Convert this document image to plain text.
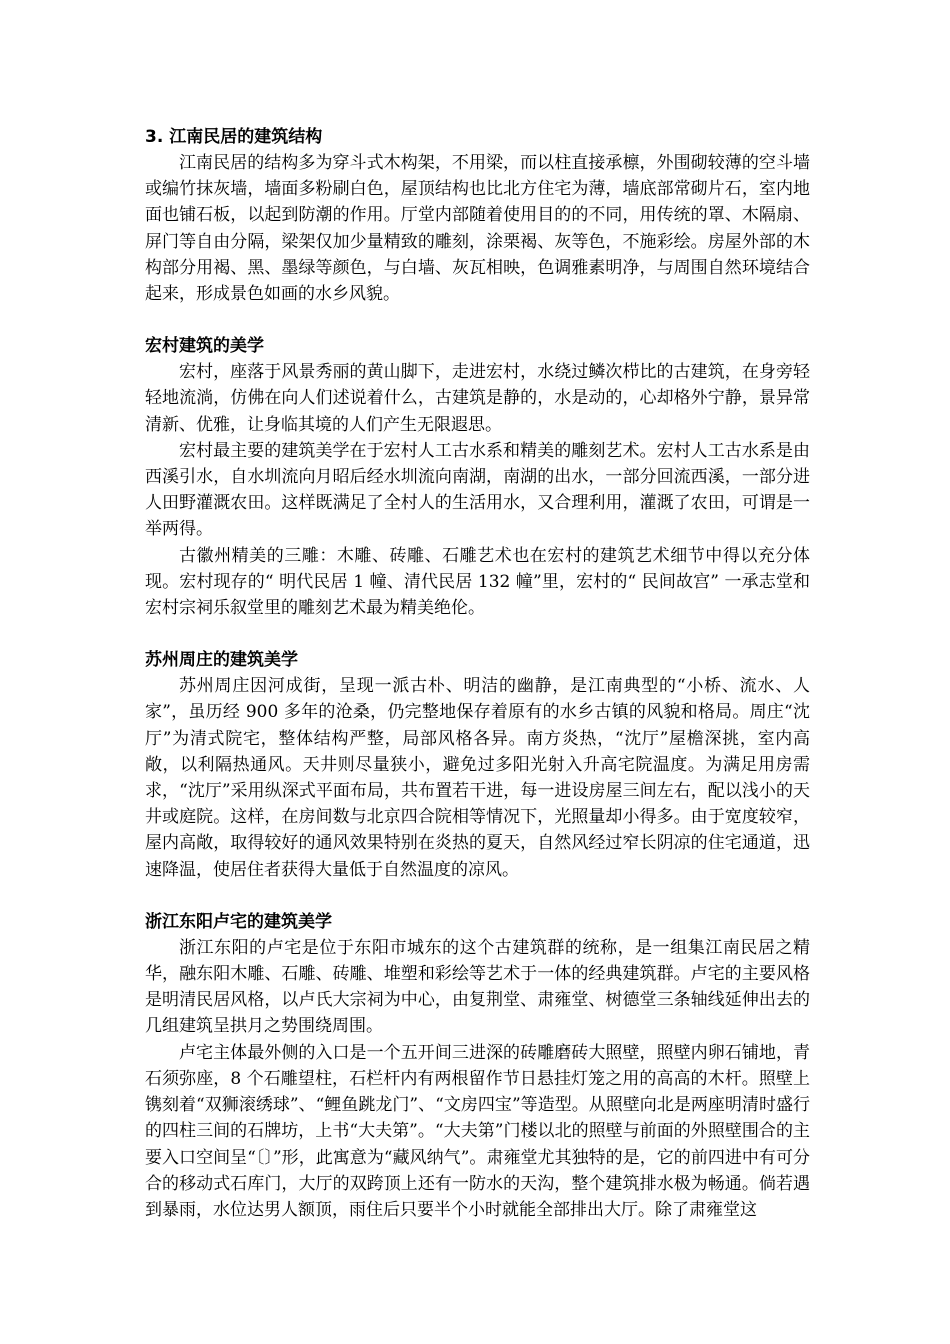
3. 江南民居的建筑结构

江南民居的结构多为穿斗式木构架，不用梁，而以柱直接承檩，外围砌较薄的空斗墙或编竹抹灰墙，墙面多粉刷白色，屋顶结构也比北方住宅为薄，墙底部常砌片石，室内地面也铺石板，以起到防潮的作用。厅堂内部随着使用目的的不同，用传统的罩、木隔扇、屏门等自由分隔，梁架仅加少量精致的雕刻，涂栗褐、灰等色，不施彩绘。房屋外部的木构部分用褐、黑、墨绿等颜色，与白墙、灰瓦相映，色调雅素明净，与周围自然环境结合起来，形成景色如画的水乡风貌。

宏村建筑的美学

宏村，座落于风景秀丽的黄山脚下，走进宏村，水绕过鳞次栉比的古建筑，在身旁轻轻地流淌，仿佛在向人们述说着什么，古建筑是静的，水是动的，心却格外宁静，景异常清新、优雅，让身临其境的人们产生无限遐思。

宏村最主要的建筑美学在于宏村人工古水系和精美的雕刻艺术。宏村人工古水系是由西溪引水，自水圳流向月昭后经水圳流向南湖，南湖的出水，一部分回流西溪，一部分进人田野灌溉农田。这样既满足了全村人的生活用水，又合理利用，灌溉了农田，可谓是一举两得。

古徽州精美的三雕：木雕、砖雕、石雕艺术也在宏村的建筑艺术细节中得以充分体现。宏村现存的“ 明代民居 1 幢、清代民居 132 幢”里，宏村的“ 民间故宫” 一承志堂和宏村宗祠乐叙堂里的雕刻艺术最为精美绝伦。

苏州周庄的建筑美学

苏州周庄因河成街，呈现一派古朴、明洁的幽静，是江南典型的“小桥、流水、人家”，虽历经 900 多年的沧桑，仍完整地保存着原有的水乡古镇的风貌和格局。周庄“沈厅”为清式院宅，整体结构严整，局部风格各异。南方炎热，“沈厅”屋檐深挑，室内高敞，以利隔热通风。天井则尽量狭小，避免过多阳光射入升高宅院温度。为满足用房需求，“沈厅”采用纵深式平面布局，共布置若干进，每一进设房屋三间左右，配以浅小的天井或庭院。这样，在房间数与北京四合院相等情况下，光照量却小得多。由于宽度较窄，屋内高敞，取得较好的通风效果特别在炎热的夏天，自然风经过窄长阴凉的住宅通道，迅速降温，使居住者获得大量低于自然温度的凉风。

浙江东阳卢宅的建筑美学

浙江东阳的卢宅是位于东阳市城东的这个古建筑群的统称，是一组集江南民居之精华，融东阳木雕、石雕、砖雕、堆塑和彩绘等艺术于一体的经典建筑群。卢宅的主要风格是明清民居风格，以卢氏大宗祠为中心，由复荆堂、肃雍堂、树德堂三条轴线延伸出去的几组建筑呈拱月之势围绕周围。

卢宅主体最外侧的入口是一个五开间三进深的砖雕磨砖大照壁，照壁内卵石铺地，青石须弥座，8 个石雕望柱，石栏杆内有两根留作节日悬挂灯笼之用的高高的木杆。照壁上镌刻着“双狮滚绣球”、“鲤鱼跳龙门”、“文房四宝”等造型。从照壁向北是两座明清时盛行的四柱三间的石牌坊，上书“大夫第”。“大夫第”门楼以北的照壁与前面的外照壁围合的主要入口空间呈“〔〕”形，此寓意为“藏风纳气”。肃雍堂尤其独特的是，它的前四进中有可分合的移动式石库门，大厅的双跨顶上还有一防水的天沟，整个建筑排水极为畅通。倘若遇到暴雨，水位达男人额顶，雨住后只要半个小时就能全部排出大厅。除了肃雍堂这
